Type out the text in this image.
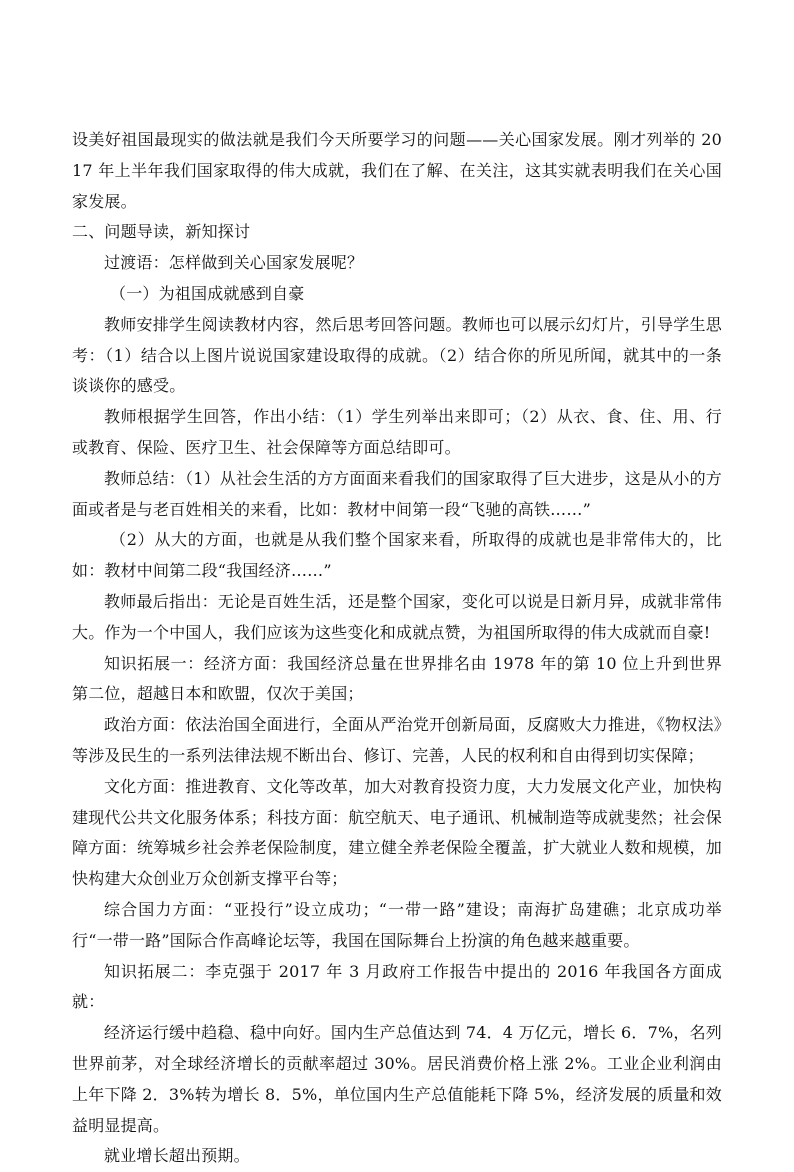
设美好祖国最现实的做法就是我们今天所要学习的问题——关心国家发展。刚才列举的 2017 年上半年我们国家取得的伟大成就，我们在了解、在关注，这其实就表明我们在关心国家发展。

二、问题导读，新知探讨

过渡语：怎样做到关心国家发展呢？

（一）为祖国成就感到自豪

教师安排学生阅读教材内容，然后思考回答问题。教师也可以展示幻灯片，引导学生思考：（1）结合以上图片说说国家建设取得的成就。（2）结合你的所见所闻，就其中的一条谈谈你的感受。

教师根据学生回答，作出小结：（1）学生列举出来即可；（2）从衣、食、住、用、行或教育、保险、医疗卫生、社会保障等方面总结即可。

教师总结：（1）从社会生活的方方面面来看我们的国家取得了巨大进步，这是从小的方面或者是与老百姓相关的来看，比如：教材中间第一段“飞驰的高铁……”

（2）从大的方面，也就是从我们整个国家来看，所取得的成就也是非常伟大的，比如：教材中间第二段“我国经济……”

教师最后指出：无论是百姓生活，还是整个国家，变化可以说是日新月异，成就非常伟大。作为一个中国人，我们应该为这些变化和成就点赞，为祖国所取得的伟大成就而自豪!

知识拓展一：经济方面：我国经济总量在世界排名由 1978 年的第 10 位上升到世界第二位，超越日本和欧盟，仅次于美国；

政治方面：依法治国全面进行，全面从严治党开创新局面，反腐败大力推进，《物权法》等涉及民生的一系列法律法规不断出台、修订、完善，人民的权利和自由得到切实保障；

文化方面：推进教育、文化等改革，加大对教育投资力度，大力发展文化产业，加快构建现代公共文化服务体系；科技方面：航空航天、电子通讯、机械制造等成就斐然；社会保障方面：统筹城乡社会养老保险制度，建立健全养老保险全覆盖，扩大就业人数和规模，加快构建大众创业万众创新支撑平台等；

综合国力方面：“亚投行”设立成功；“一带一路”建设；南海扩岛建礁；北京成功举行“一带一路”国际合作高峰论坛等，我国在国际舞台上扮演的角色越来越重要。

知识拓展二：李克强于 2017 年 3 月政府工作报告中提出的 2016 年我国各方面成就：

经济运行缓中趋稳、稳中向好。国内生产总值达到 74．4 万亿元，增长 6．7%，名列世界前茅，对全球经济增长的贡献率超过 30%。居民消费价格上涨 2%。工业企业利润由上年下降 2．3%转为增长 8．5%，单位国内生产总值能耗下降 5%，经济发展的质量和效益明显提高。

就业增长超出预期。
